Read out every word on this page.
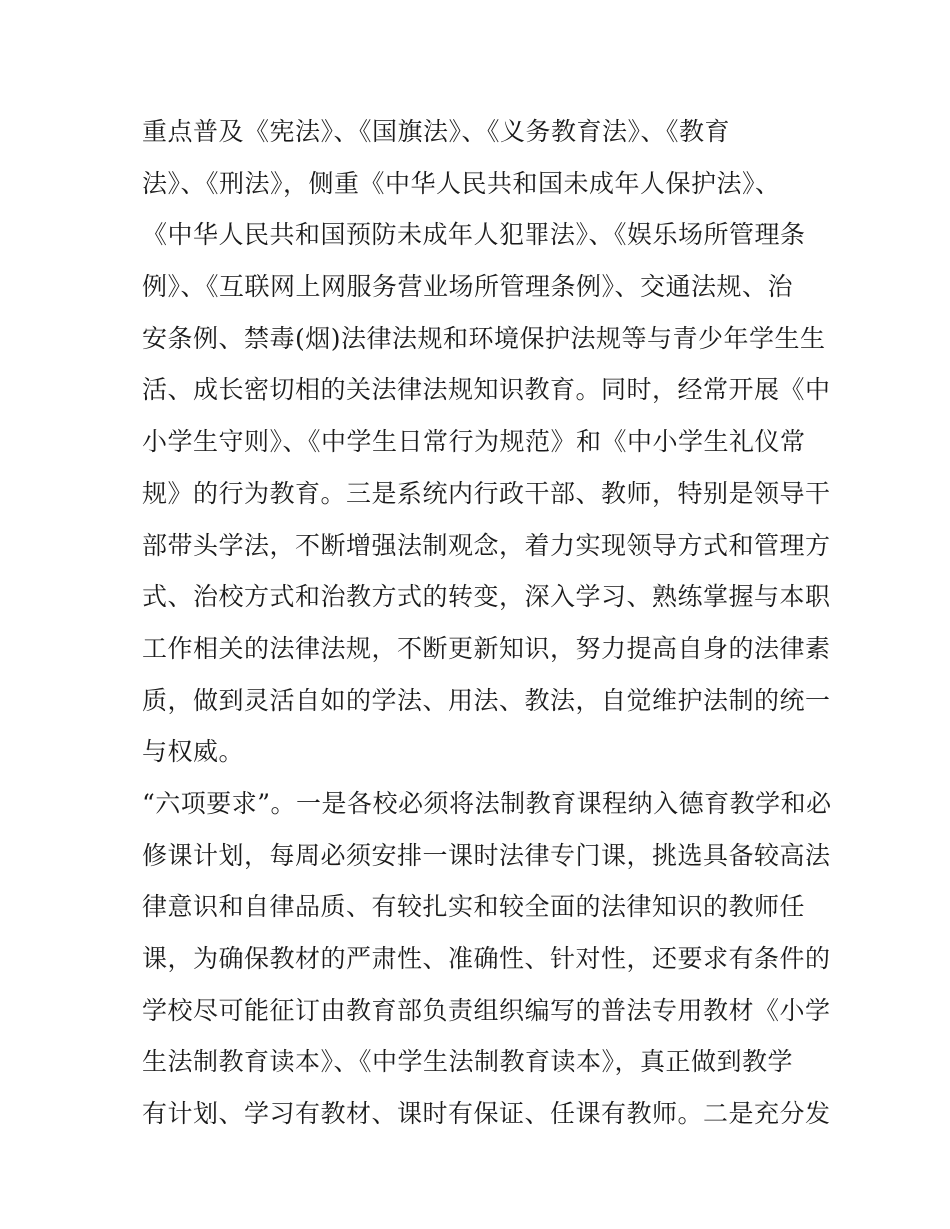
重点普及《宪法》、《国旗法》、《义务教育法》、《教育
法》、《刑法》，侧重《中华人民共和国未成年人保护法》、
《中华人民共和国预防未成年人犯罪法》、《娱乐场所管理条
例》、《互联网上网服务营业场所管理条例》、交通法规、治
安条例、禁毒(烟)法律法规和环境保护法规等与青少年学生生
活、成长密切相的关法律法规知识教育。同时，经常开展《中
小学生守则》、《中学生日常行为规范》和《中小学生礼仪常
规》的行为教育。三是系统内行政干部、教师，特别是领导干
部带头学法，不断增强法制观念，着力实现领导方式和管理方
式、治校方式和治教方式的转变，深入学习、熟练掌握与本职
工作相关的法律法规，不断更新知识，努力提高自身的法律素
质，做到灵活自如的学法、用法、教法，自觉维护法制的统一
与权威。
“六项要求”。一是各校必须将法制教育课程纳入德育教学和必
修课计划，每周必须安排一课时法律专门课，挑选具备较高法
律意识和自律品质、有较扎实和较全面的法律知识的教师任
课，为确保教材的严肃性、准确性、针对性，还要求有条件的
学校尽可能征订由教育部负责组织编写的普法专用教材《小学
生法制教育读本》、《中学生法制教育读本》，真正做到教学
有计划、学习有教材、课时有保证、任课有教师。二是充分发
